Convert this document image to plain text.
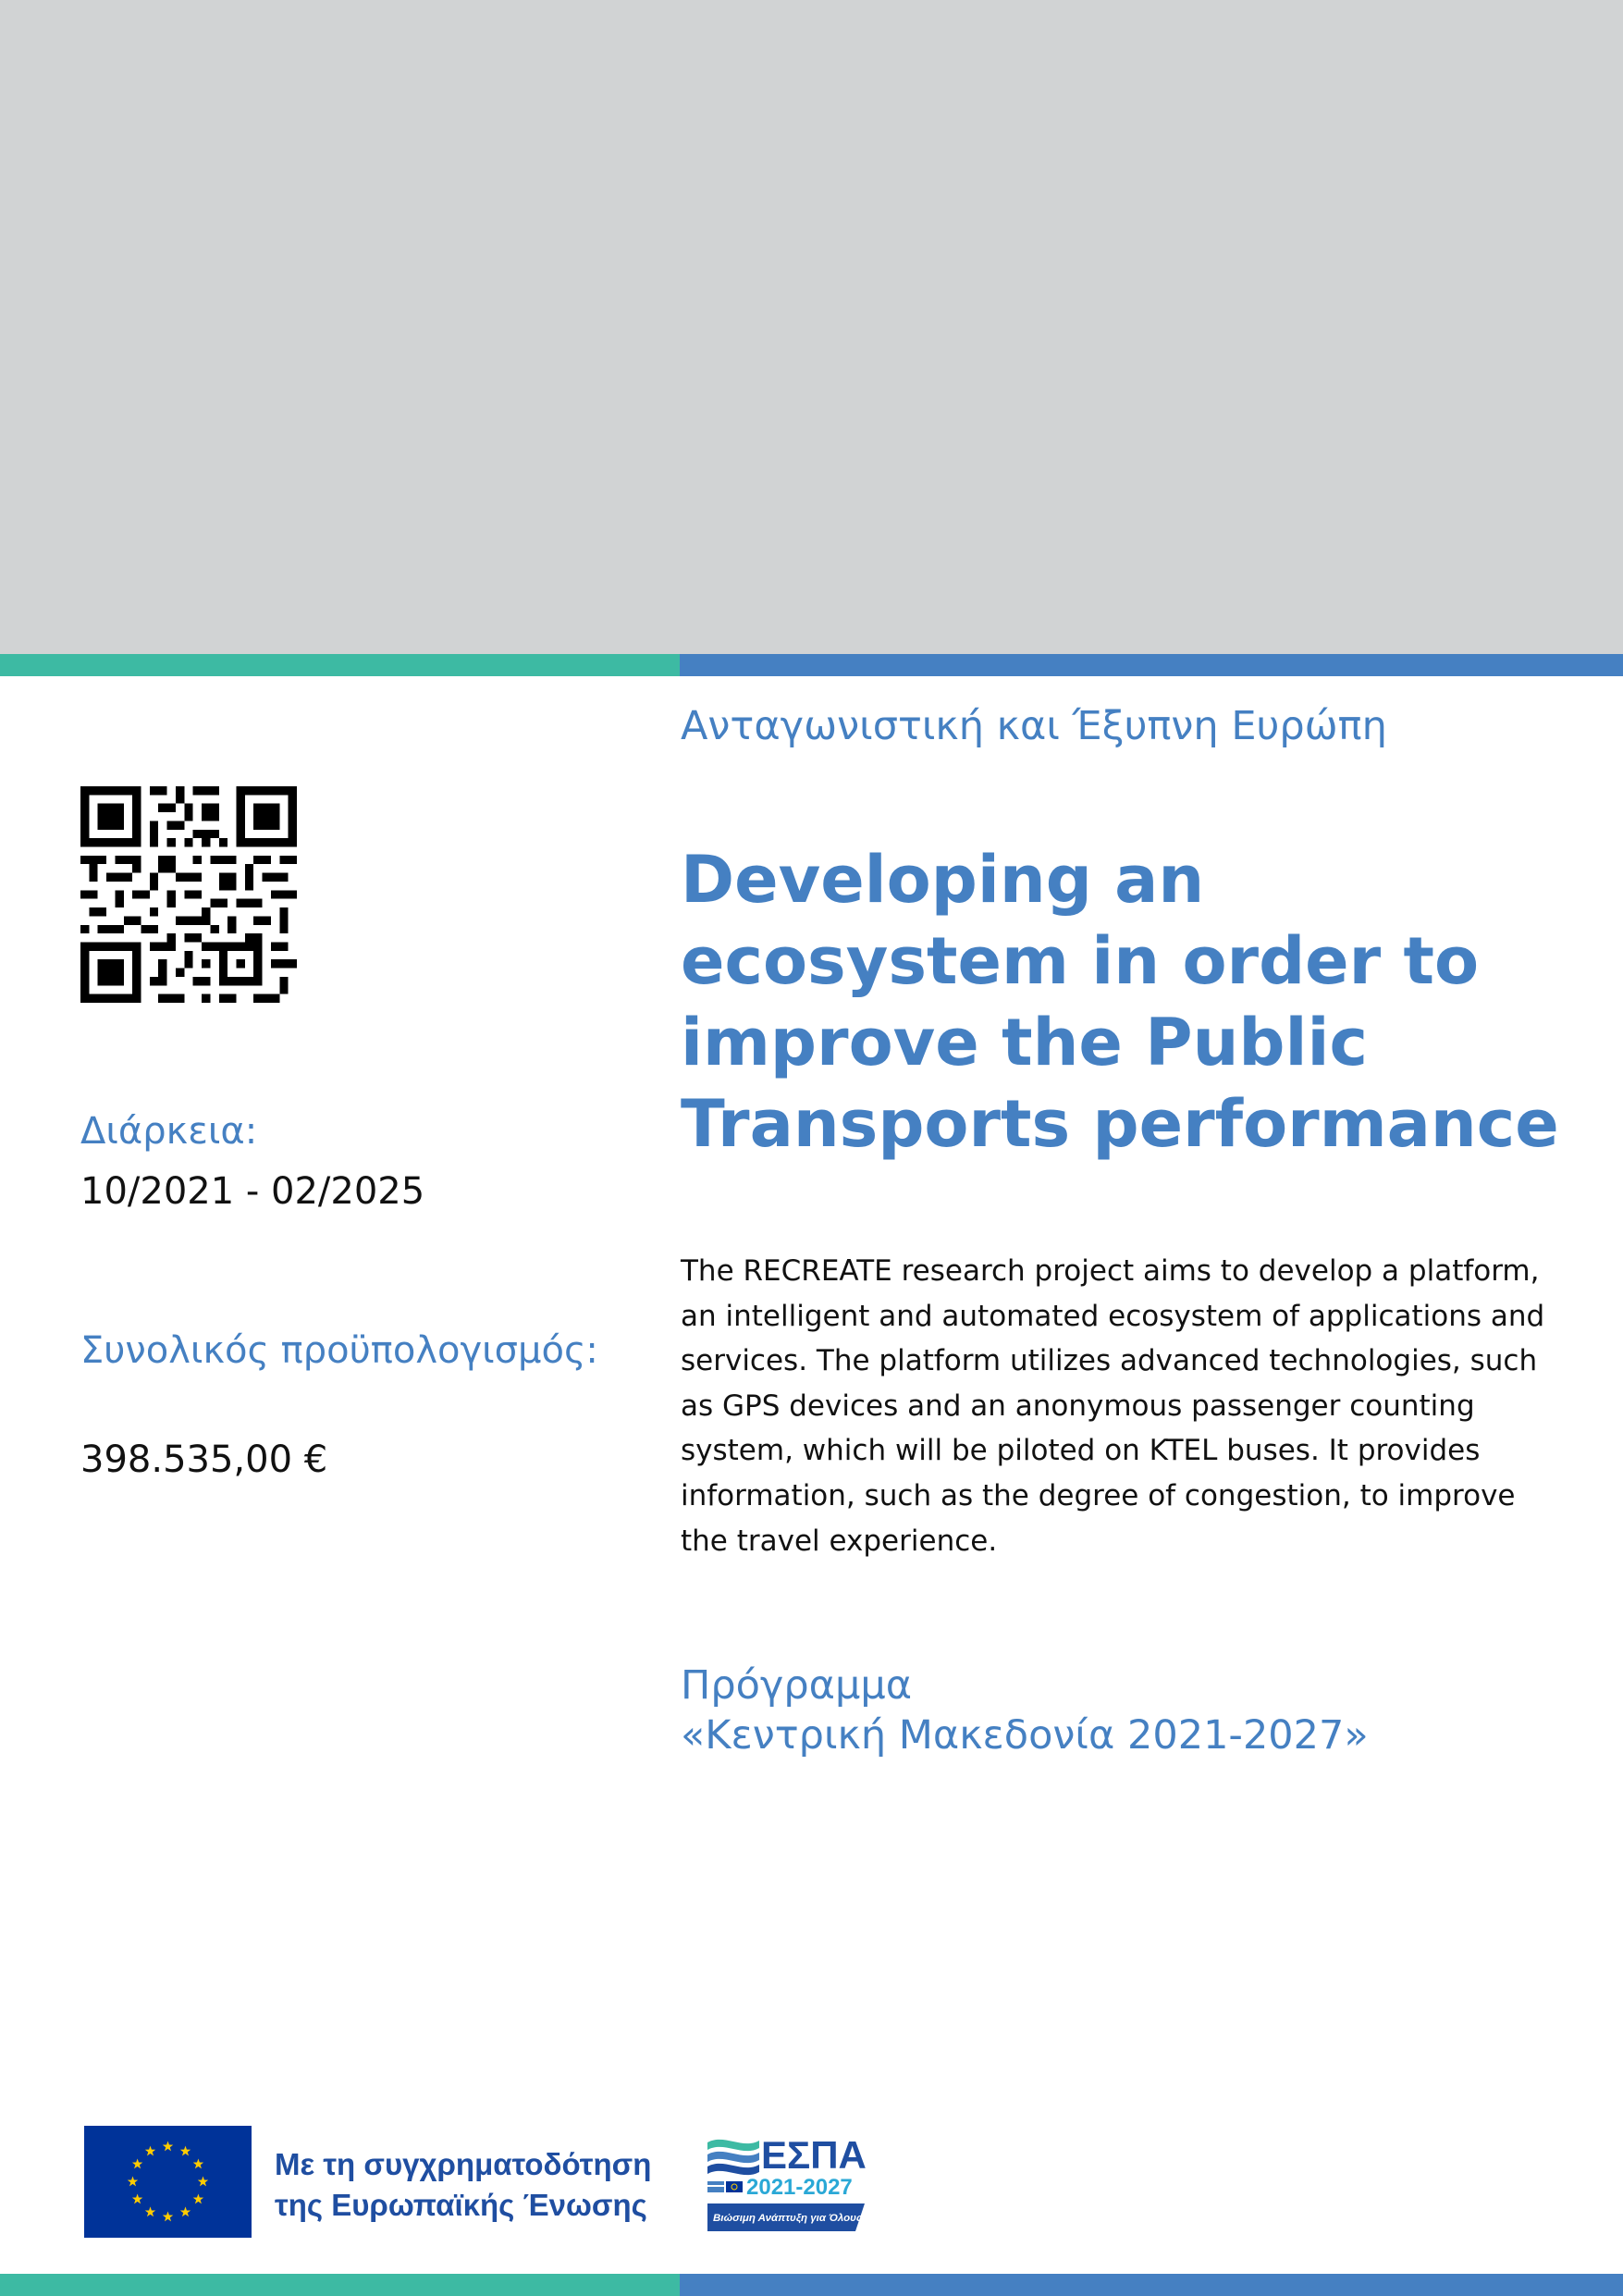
Διάρκεια:
10/2021 - 02/2025
Συνολικός προϋπολογισμός:
398.535,00 €
Ανταγωνιστική και Έξυπνη Ευρώπη
Developing an ecosystem in order to improve the Public Transports performance
The RECREATE research project aims to develop a platform, an intelligent and automated ecosystem of applications and services. The platform utilizes advanced technologies, such as GPS devices and an anonymous passenger counting system, which will be piloted on KTEL buses. It provides information, such as the degree of congestion, to improve the travel experience.
Πρόγραμμα
«Κεντρική Μακεδονία 2021-2027»
Με τη συγχρηματοδότηση της Ευρωπαϊκής Ένωσης
ΕΣΠΑ
2021-2027
Βιώσιμη Ανάπτυξη για Όλους
